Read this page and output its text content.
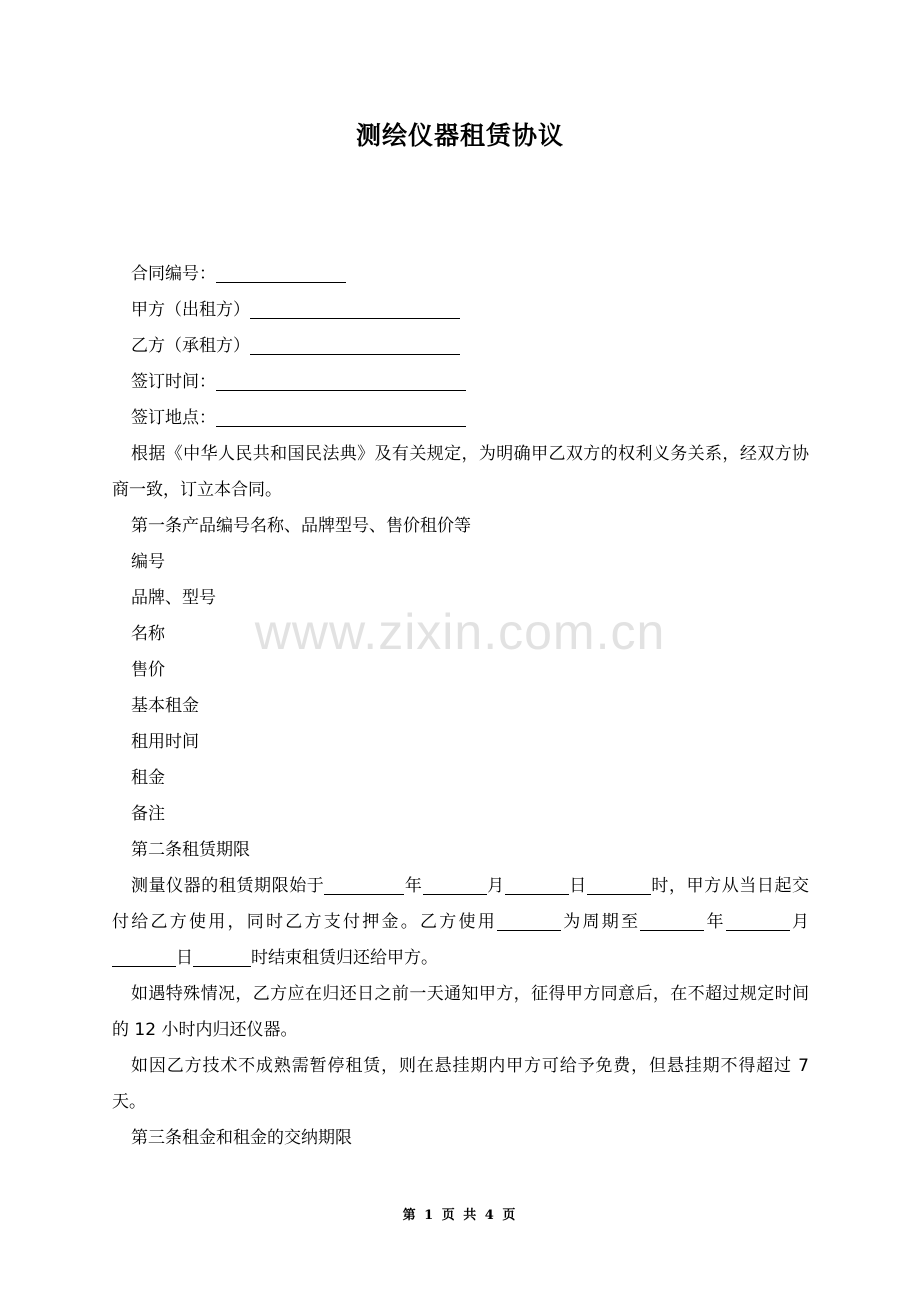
测绘仪器租赁协议
www.zixin.com.cn
合同编号：
甲方（出租方）
乙方（承租方）
签订时间：
签订地点：
根据《中华人民共和国民法典》及有关规定，为明确甲乙双方的权利义务关系，经双方协商一致，订立本合同。
第一条产品编号名称、品牌型号、售价租价等
编号
品牌、型号
名称
售价
基本租金
租用时间
租金
备注
第二条租赁期限
测量仪器的租赁期限始于	年	月	日	时，甲方从当日起交付给乙方使用，同时乙方支付押金。乙方使用	为周期至	年	月日	时结束租赁归还给甲方。
如遇特殊情况，乙方应在归还日之前一天通知甲方，征得甲方同意后，在不超过规定时间的 12 小时内归还仪器。
如因乙方技术不成熟需暂停租赁，则在悬挂期内甲方可给予免费，但悬挂期不得超过 7 天。
第三条租金和租金的交纳期限
第 1 页 共 4 页
